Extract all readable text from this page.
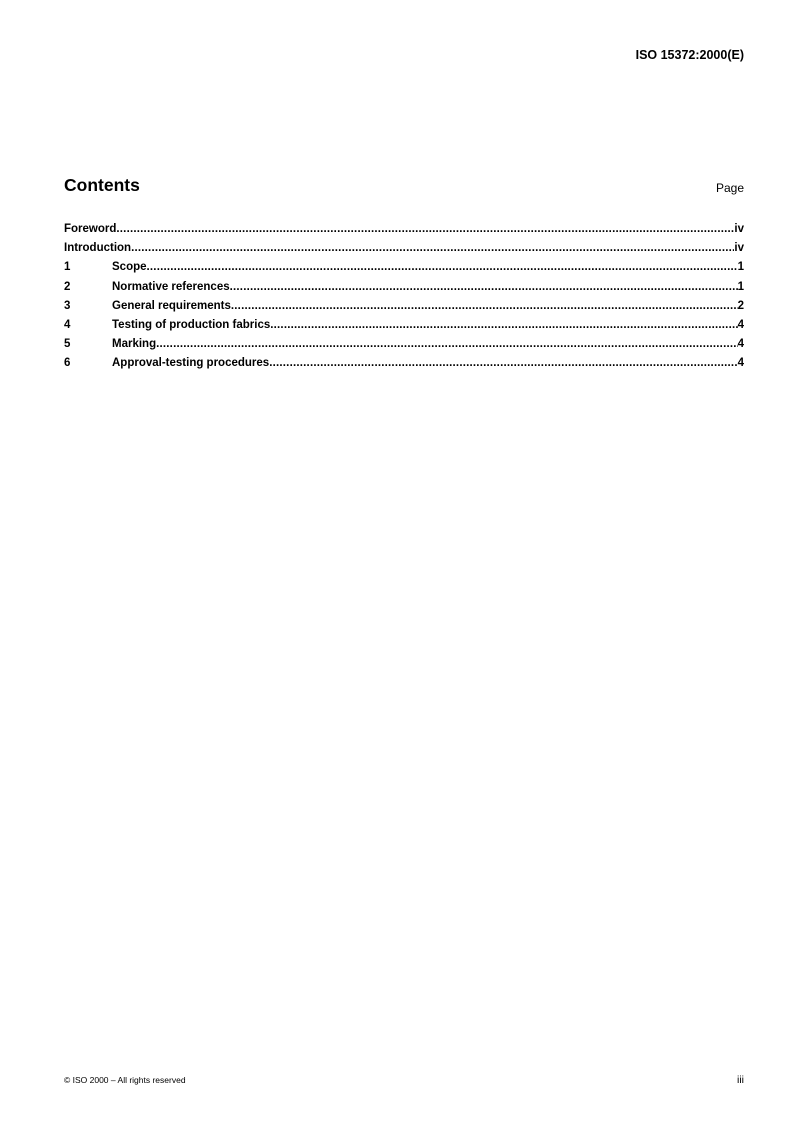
ISO 15372:2000(E)
Contents	Page
Foreword .....	iv
Introduction .....	iv
1	Scope .....	1
2	Normative references .....	1
3	General requirements .....	2
4	Testing of production fabrics .....	4
5	Marking .....	4
6	Approval-testing procedures .....	4
© ISO 2000 – All rights reserved	iii
